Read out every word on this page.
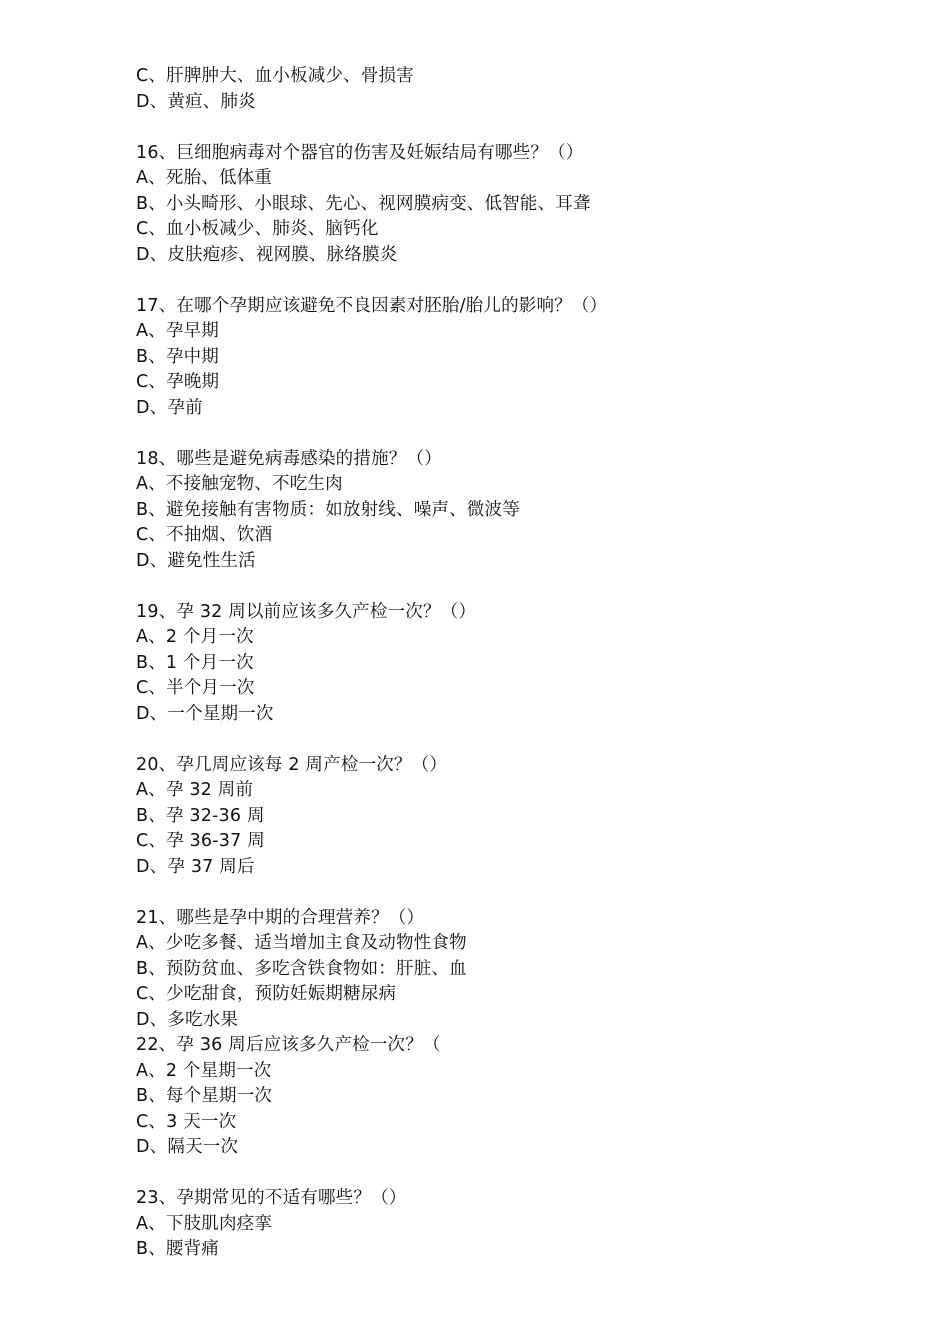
C、肝脾肿大、血小板减少、骨损害
D、黄疸、肺炎
16、巨细胞病毒对个器官的伤害及妊娠结局有哪些？（）
A、死胎、低体重
B、小头畸形、小眼球、先心、视网膜病变、低智能、耳聋
C、血小板减少、肺炎、脑钙化
D、皮肤疱疹、视网膜、脉络膜炎
17、在哪个孕期应该避免不良因素对胚胎/胎儿的影响？（）
A、孕早期
B、孕中期
C、孕晚期
D、孕前
18、哪些是避免病毒感染的措施？（）
A、不接触宠物、不吃生肉
B、避免接触有害物质：如放射线、噪声、微波等
C、不抽烟、饮酒
D、避免性生活
19、孕 32 周以前应该多久产检一次？（）
A、2 个月一次
B、1 个月一次
C、半个月一次
D、一个星期一次
20、孕几周应该每 2 周产检一次？（）
A、孕 32 周前
B、孕 32-36 周
C、孕 36-37 周
D、孕 37 周后
21、哪些是孕中期的合理营养？（）
A、少吃多餐、适当增加主食及动物性食物
B、预防贫血、多吃含铁食物如：肝脏、血
C、少吃甜食，预防妊娠期糖尿病
D、多吃水果
22、孕 36 周后应该多久产检一次？（
A、2 个星期一次
B、每个星期一次
C、3 天一次
D、隔天一次
23、孕期常见的不适有哪些？（）
A、下肢肌肉痉挛
B、腰背痛
